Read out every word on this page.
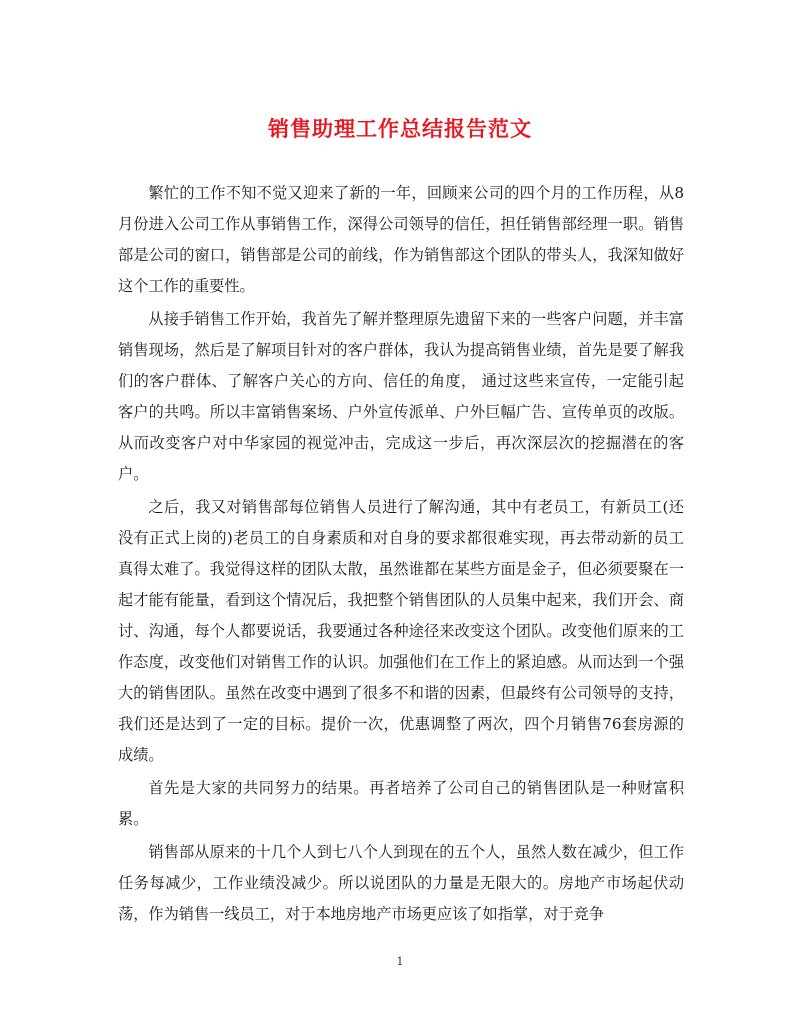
销售助理工作总结报告范文

繁忙的工作不知不觉又迎来了新的一年，回顾来公司的四个月的工作历程，从8月份进入公司工作从事销售工作，深得公司领导的信任，担任销售部经理一职。销售部是公司的窗口，销售部是公司的前线，作为销售部这个团队的带头人，我深知做好这个工作的重要性。

从接手销售工作开始，我首先了解并整理原先遗留下来的一些客户问题，并丰富销售现场，然后是了解项目针对的客户群体，我认为提高销售业绩，首先是要了解我们的客户群体、了解客户关心的方向、信任的角度， 通过这些来宣传，一定能引起客户的共鸣。所以丰富销售案场、户外宣传派单、户外巨幅广告、宣传单页的改版。从而改变客户对中华家园的视觉冲击，完成这一步后，再次深层次的挖掘潜在的客户。

之后，我又对销售部每位销售人员进行了解沟通，其中有老员工，有新员工(还没有正式上岗的)老员工的自身素质和对自身的要求都很难实现，再去带动新的员工真得太难了。我觉得这样的团队太散，虽然谁都在某些方面是金子，但必须要聚在一起才能有能量，看到这个情况后，我把整个销售团队的人员集中起来，我们开会、商讨、沟通，每个人都要说话，我要通过各种途径来改变这个团队。改变他们原来的工作态度，改变他们对销售工作的认识。加强他们在工作上的紧迫感。从而达到一个强大的销售团队。虽然在改变中遇到了很多不和谐的因素，但最终有公司领导的支持，我们还是达到了一定的目标。提价一次，优惠调整了两次，四个月销售76套房源的成绩。

首先是大家的共同努力的结果。再者培养了公司自己的销售团队是一种财富积累。

销售部从原来的十几个人到七八个人到现在的五个人，虽然人数在减少，但工作任务每减少，工作业绩没减少。所以说团队的力量是无限大的。房地产市场起伏动荡，作为销售一线员工，对于本地房地产市场更应该了如指掌，对于竞争

1
